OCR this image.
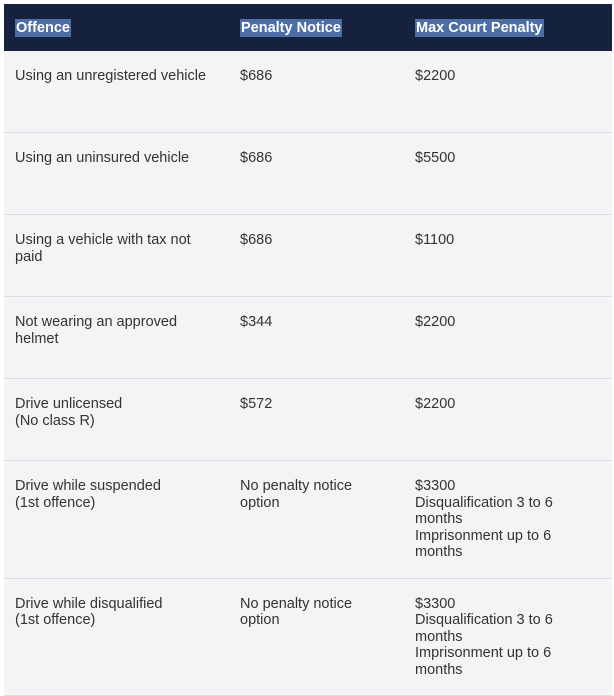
Offence	Penalty Notice	Max Court Penalty

Using an unregistered vehicle	$686	$2200

Using an uninsured vehicle	$686	$5500

Using a vehicle with tax not paid	$686	$1100

Not wearing an approved helmet	$344	$2200

Drive unlicensed
(No class R)	$572	$2200

Drive while suspended
(1st offence)	No penalty notice option	$3300
Disqualification 3 to 6 months
Imprisonment up to 6 months

Drive while disqualified
(1st offence)	No penalty notice option	$3300
Disqualification 3 to 6 months
Imprisonment up to 6 months
